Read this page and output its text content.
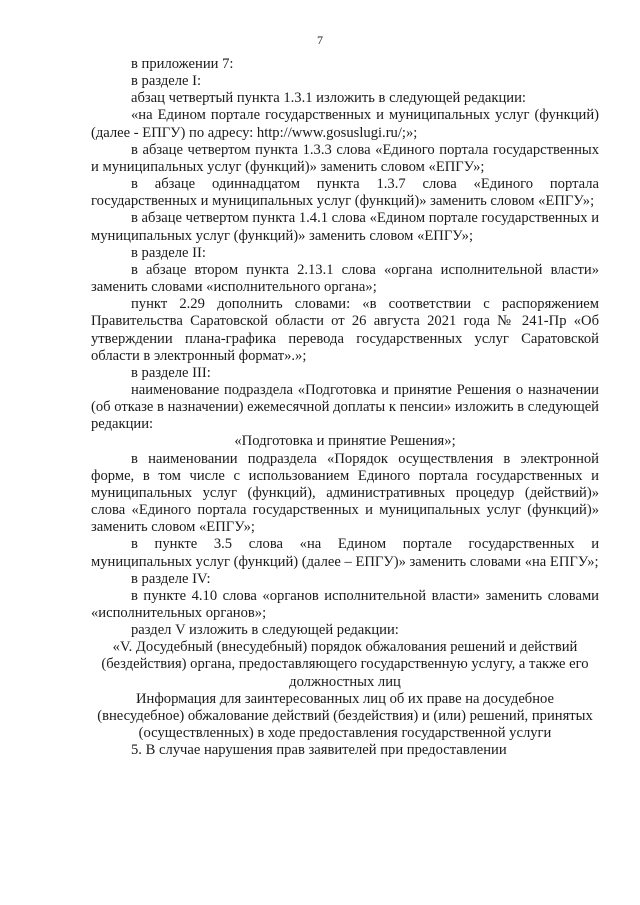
7

в приложении 7:

в разделе I:

абзац четвертый пункта 1.3.1 изложить в следующей редакции:

«на Едином портале государственных и муниципальных услуг (функций) (далее - ЕПГУ) по адресу: http://www.gosuslugi.ru/;»;

в абзаце четвертом пункта 1.3.3 слова «Единого портала государственных и муниципальных услуг (функций)» заменить словом «ЕПГУ»;

в абзаце одиннадцатом пункта 1.3.7 слова «Единого портала государственных и муниципальных услуг (функций)» заменить словом «ЕПГУ»;

в абзаце четвертом пункта 1.4.1 слова «Едином портале государственных и муниципальных услуг (функций)» заменить словом «ЕПГУ»;

в разделе II:

в абзаце втором пункта 2.13.1 слова «органа исполнительной власти» заменить словами «исполнительного органа»;

пункт 2.29 дополнить словами: «в соответствии с распоряжением Правительства Саратовской области от 26 августа 2021 года № 241-Пр «Об утверждении плана-графика перевода государственных услуг Саратовской области в электронный формат».»;

в разделе III:

наименование подраздела «Подготовка и принятие Решения о назначении (об отказе в назначении) ежемесячной доплаты к пенсии» изложить в следующей редакции:

«Подготовка и принятие Решения»;

в наименовании подраздела «Порядок осуществления в электронной форме, в том числе с использованием Единого портала государственных и муниципальных услуг (функций), административных процедур (действий)» слова «Единого портала государственных и муниципальных услуг (функций)» заменить словом «ЕПГУ»;

в пункте 3.5 слова «на Едином портале государственных и муниципальных услуг (функций) (далее – ЕПГУ)» заменить словами «на ЕПГУ»;

в разделе IV:

в пункте 4.10 слова «органов исполнительной власти» заменить словами «исполнительных органов»;

раздел V изложить в следующей редакции:

«V. Досудебный (внесудебный) порядок обжалования решений и действий (бездействия) органа, предоставляющего государственную услугу, а также его должностных лиц

Информация для заинтересованных лиц об их праве на досудебное (внесудебное) обжалование действий (бездействия) и (или) решений, принятых (осуществленных) в ходе предоставления государственной услуги

5. В случае нарушения прав заявителей при предоставлении
